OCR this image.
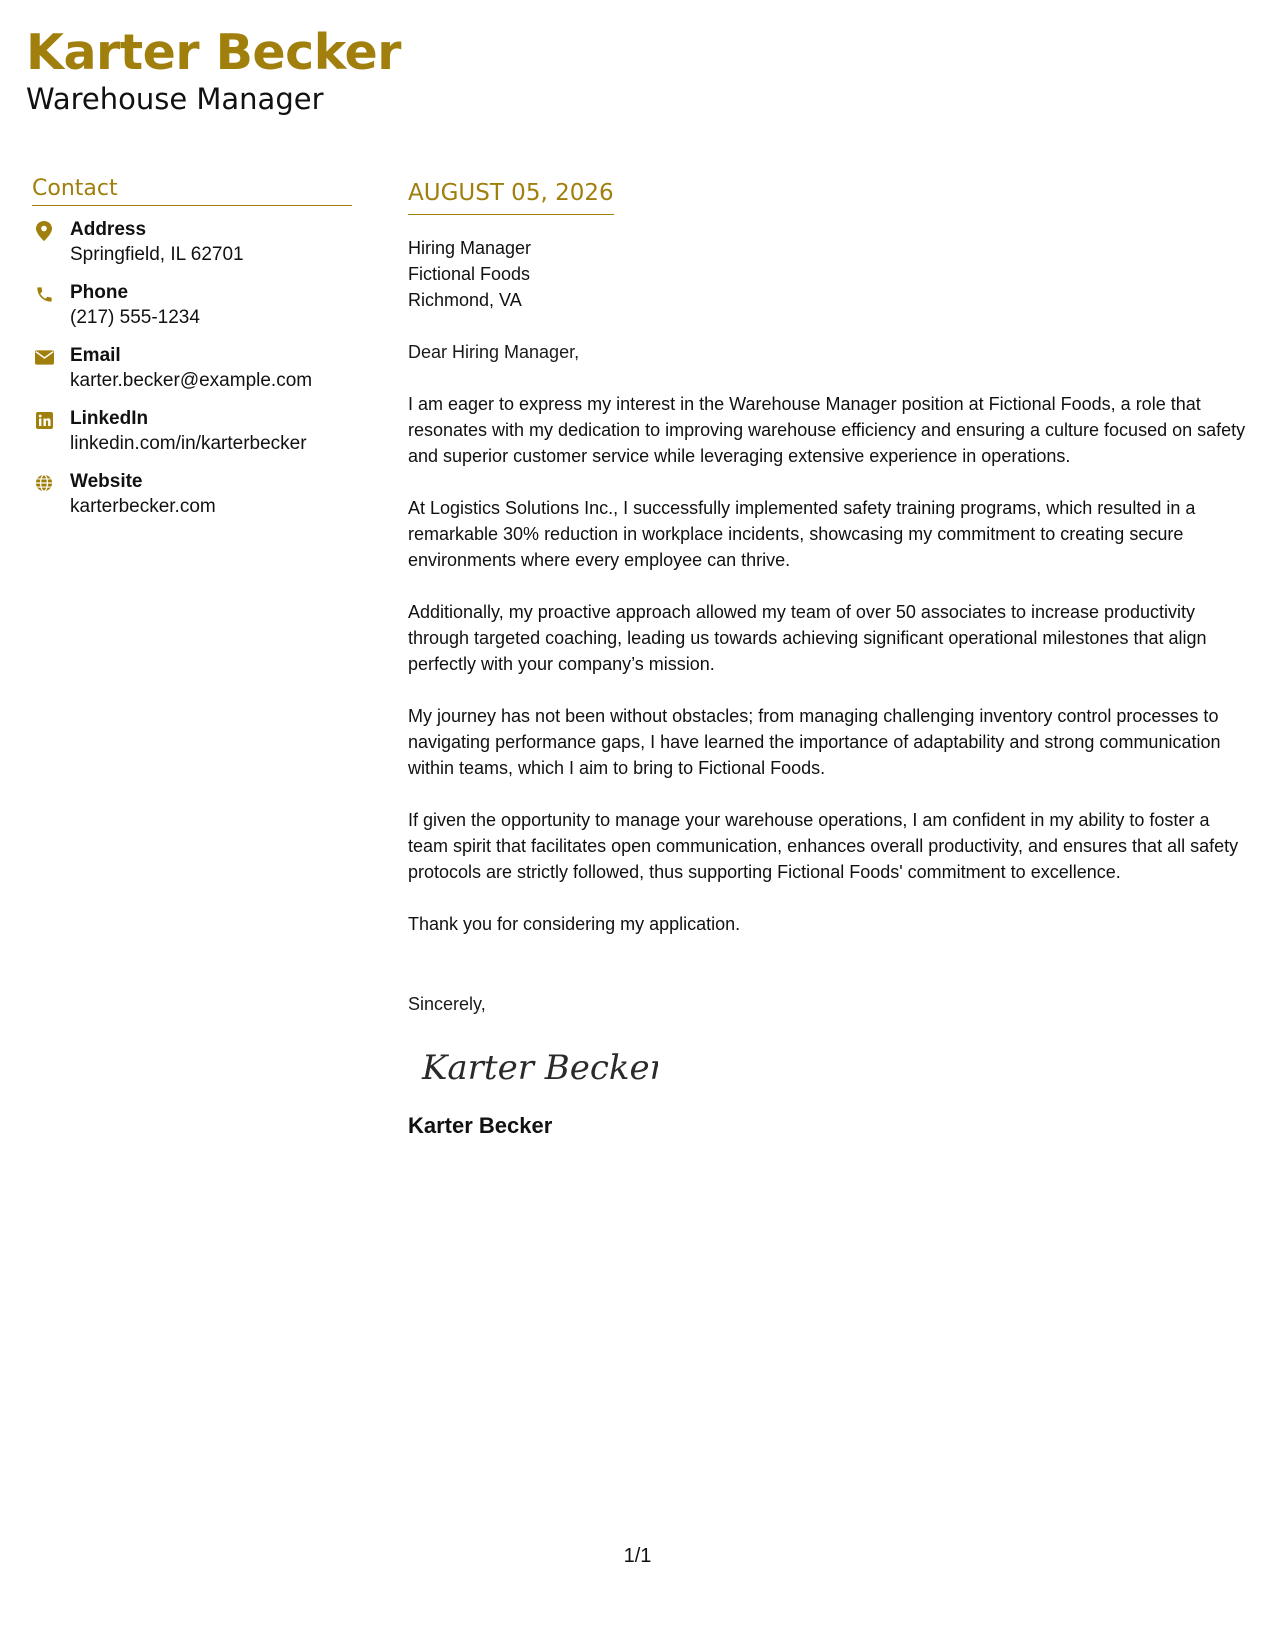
Karter Becker
Warehouse Manager
Contact
Address
Springfield, IL 62701
Phone
(217) 555-1234
Email
karter.becker@example.com
LinkedIn
linkedin.com/in/karterbecker
Website
karterbecker.com
AUGUST 05, 2026
Hiring Manager
Fictional Foods
Richmond, VA
Dear Hiring Manager,

I am eager to express my interest in the Warehouse Manager position at Fictional Foods, a role that resonates with my dedication to improving warehouse efficiency and ensuring a culture focused on safety and superior customer service while leveraging extensive experience in operations.

At Logistics Solutions Inc., I successfully implemented safety training programs, which resulted in a remarkable 30% reduction in workplace incidents, showcasing my commitment to creating secure environments where every employee can thrive.

Additionally, my proactive approach allowed my team of over 50 associates to increase productivity through targeted coaching, leading us towards achieving significant operational milestones that align perfectly with your company’s mission.

My journey has not been without obstacles; from managing challenging inventory control processes to navigating performance gaps, I have learned the importance of adaptability and strong communication within teams, which I aim to bring to Fictional Foods.

If given the opportunity to manage your warehouse operations, I am confident in my ability to foster a team spirit that facilitates open communication, enhances overall productivity, and ensures that all safety protocols are strictly followed, thus supporting Fictional Foods' commitment to excellence.

Thank you for considering my application.

Sincerely,
Karter Becker
Karter Becker
1/1
